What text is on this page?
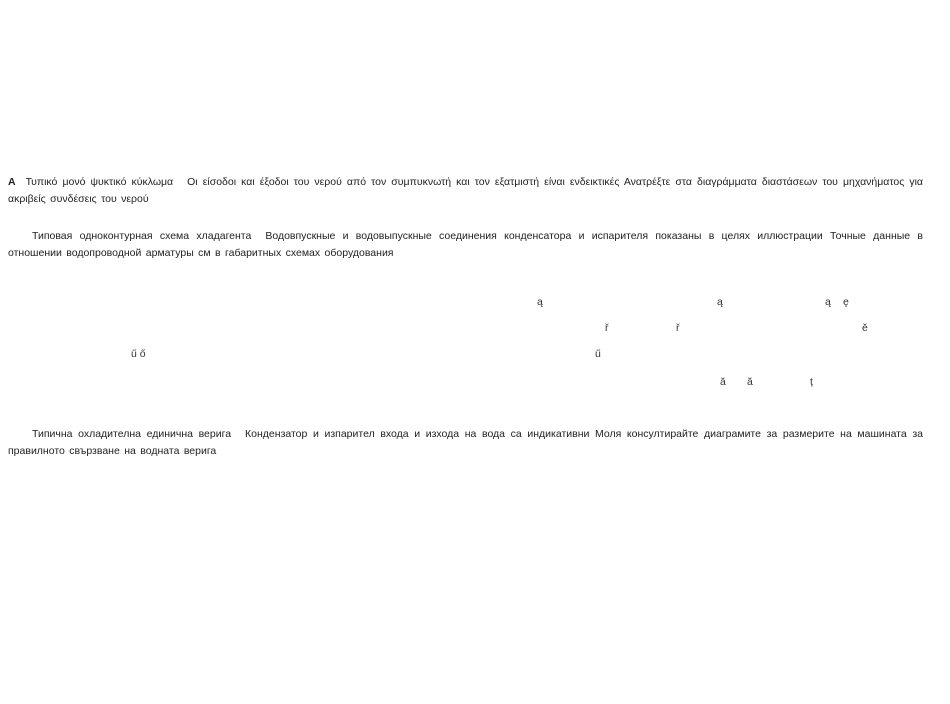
A Τυπικό μονό ψυκτικό κύκλωμα Οι είσοδοι και έξοδοι του νερού από τον συμπυκνωτή και τον εξατμιστή είναι ενδεικτικές Ανατρέξτε στα διαγράμματα διαστάσεων του μηχανήματος για ακριβείς συνδέσεις του νερού

Типовая одноконтурная схема хладагента Водовпускные и водовыпускные соединения конденсатора и испарителя показаны в целях иллюстрации Точные данные в отношении водопроводной арматуры см в габаритных схемах оборудования

ą	ą	ą ę
ř	ř	ě
ű ő	ű
ă ă	ț

Типична охладителна единична верига Кондензатор и изпарител входа и изхода на вода са индикативни Моля консултирайте диаграмите за размерите на машината за правилното свързване на водната верига
